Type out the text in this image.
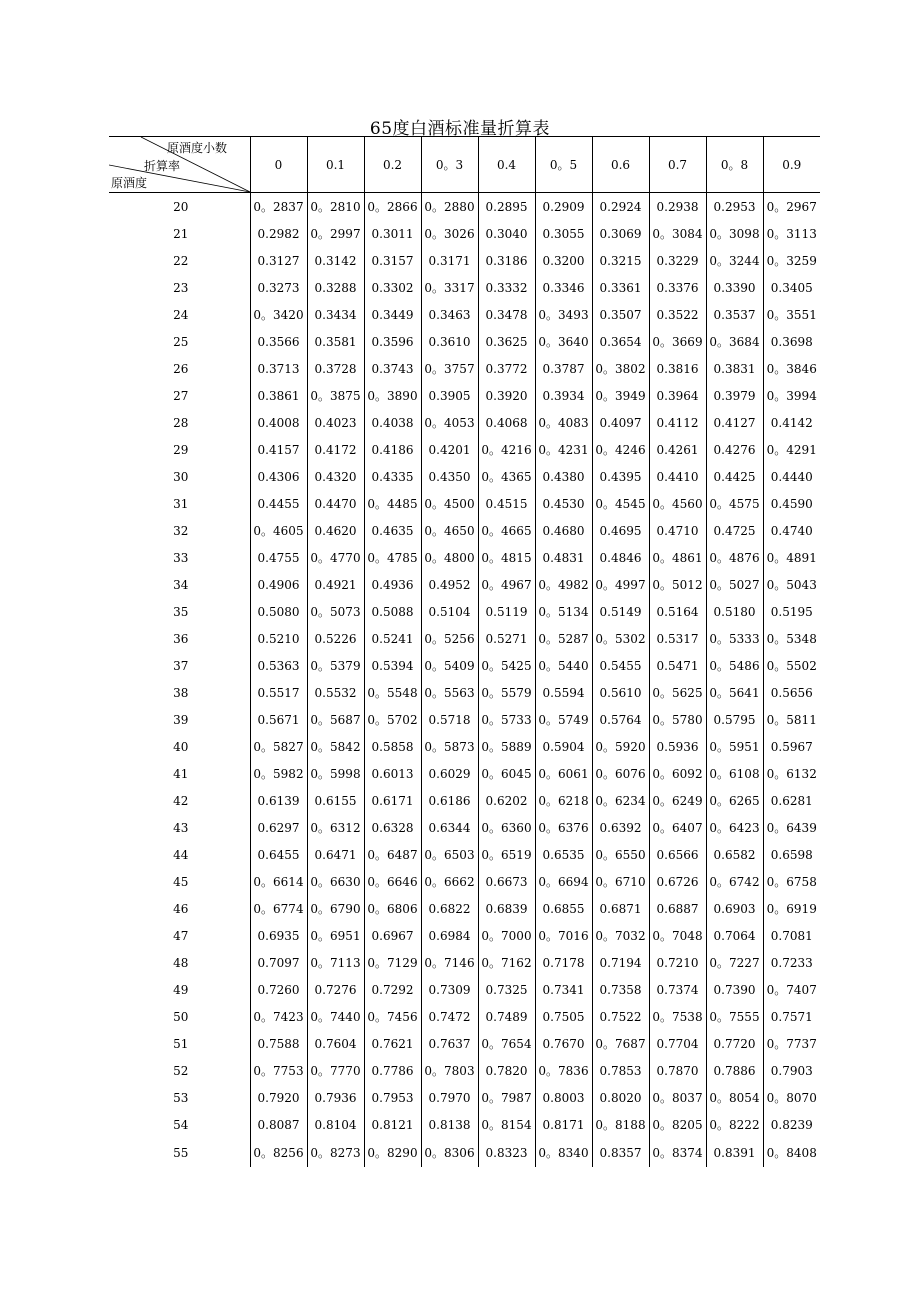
65度白酒标准量折算表
原酒度小数
折算率
原酒度	0	0.1	0.2	0。3	0.4	0。5	0.6	0.7	0。8	0.9
20	0。2837	0。2810	0。2866	0。2880	0.2895	0.2909	0.2924	0.2938	0.2953	0。2967
21	0.2982	0。2997	0.3011	0。3026	0.3040	0.3055	0.3069	0。3084	0。3098	0。3113
22	0.3127	0.3142	0.3157	0.3171	0.3186	0.3200	0.3215	0.3229	0。3244	0。3259
23	0.3273	0.3288	0.3302	0。3317	0.3332	0.3346	0.3361	0.3376	0.3390	0.3405
24	0。3420	0.3434	0.3449	0.3463	0.3478	0。3493	0.3507	0.3522	0.3537	0。3551
25	0.3566	0.3581	0.3596	0.3610	0.3625	0。3640	0.3654	0。3669	0。3684	0.3698
26	0.3713	0.3728	0.3743	0。3757	0.3772	0.3787	0。3802	0.3816	0.3831	0。3846
27	0.3861	0。3875	0。3890	0.3905	0.3920	0.3934	0。3949	0.3964	0.3979	0。3994
28	0.4008	0.4023	0.4038	0。4053	0.4068	0。4083	0.4097	0.4112	0.4127	0.4142
29	0.4157	0.4172	0.4186	0.4201	0。4216	0。4231	0。4246	0.4261	0.4276	0。4291
30	0.4306	0.4320	0.4335	0.4350	0。4365	0.4380	0.4395	0.4410	0.4425	0.4440
31	0.4455	0.4470	0。4485	0。4500	0.4515	0.4530	0。4545	0。4560	0。4575	0.4590
32	0。4605	0.4620	0.4635	0。4650	0。4665	0.4680	0.4695	0.4710	0.4725	0.4740
33	0.4755	0。4770	0。4785	0。4800	0。4815	0.4831	0.4846	0。4861	0。4876	0。4891
34	0.4906	0.4921	0.4936	0.4952	0。4967	0。4982	0。4997	0。5012	0。5027	0。5043
35	0.5080	0。5073	0.5088	0.5104	0.5119	0。5134	0.5149	0.5164	0.5180	0.5195
36	0.5210	0.5226	0.5241	0。5256	0.5271	0。5287	0。5302	0.5317	0。5333	0。5348
37	0.5363	0。5379	0.5394	0。5409	0。5425	0。5440	0.5455	0.5471	0。5486	0。5502
38	0.5517	0.5532	0。5548	0。5563	0。5579	0.5594	0.5610	0。5625	0。5641	0.5656
39	0.5671	0。5687	0。5702	0.5718	0。5733	0。5749	0.5764	0。5780	0.5795	0。5811
40	0。5827	0。5842	0.5858	0。5873	0。5889	0.5904	0。5920	0.5936	0。5951	0.5967
41	0。5982	0。5998	0.6013	0.6029	0。6045	0。6061	0。6076	0。6092	0。6108	0。6132
42	0.6139	0.6155	0.6171	0.6186	0.6202	0。6218	0。6234	0。6249	0。6265	0.6281
43	0.6297	0。6312	0.6328	0.6344	0。6360	0。6376	0.6392	0。6407	0。6423	0。6439
44	0.6455	0.6471	0。6487	0。6503	0。6519	0.6535	0。6550	0.6566	0.6582	0.6598
45	0。6614	0。6630	0。6646	0。6662	0.6673	0。6694	0。6710	0.6726	0。6742	0。6758
46	0。6774	0。6790	0。6806	0.6822	0.6839	0.6855	0.6871	0.6887	0.6903	0。6919
47	0.6935	0。6951	0.6967	0.6984	0。7000	0。7016	0。7032	0。7048	0.7064	0.7081
48	0.7097	0。7113	0。7129	0。7146	0。7162	0.7178	0.7194	0.7210	0。7227	0.7233
49	0.7260	0.7276	0.7292	0.7309	0.7325	0.7341	0.7358	0.7374	0.7390	0。7407
50	0。7423	0。7440	0。7456	0.7472	0.7489	0.7505	0.7522	0。7538	0。7555	0.7571
51	0.7588	0.7604	0.7621	0.7637	0。7654	0.7670	0。7687	0.7704	0.7720	0。7737
52	0。7753	0。7770	0.7786	0。7803	0.7820	0。7836	0.7853	0.7870	0.7886	0.7903
53	0.7920	0.7936	0.7953	0.7970	0。7987	0.8003	0.8020	0。8037	0。8054	0。8070
54	0.8087	0.8104	0.8121	0.8138	0。8154	0.8171	0。8188	0。8205	0。8222	0.8239
55	0。8256	0。8273	0。8290	0。8306	0.8323	0。8340	0.8357	0。8374	0.8391	0。8408
